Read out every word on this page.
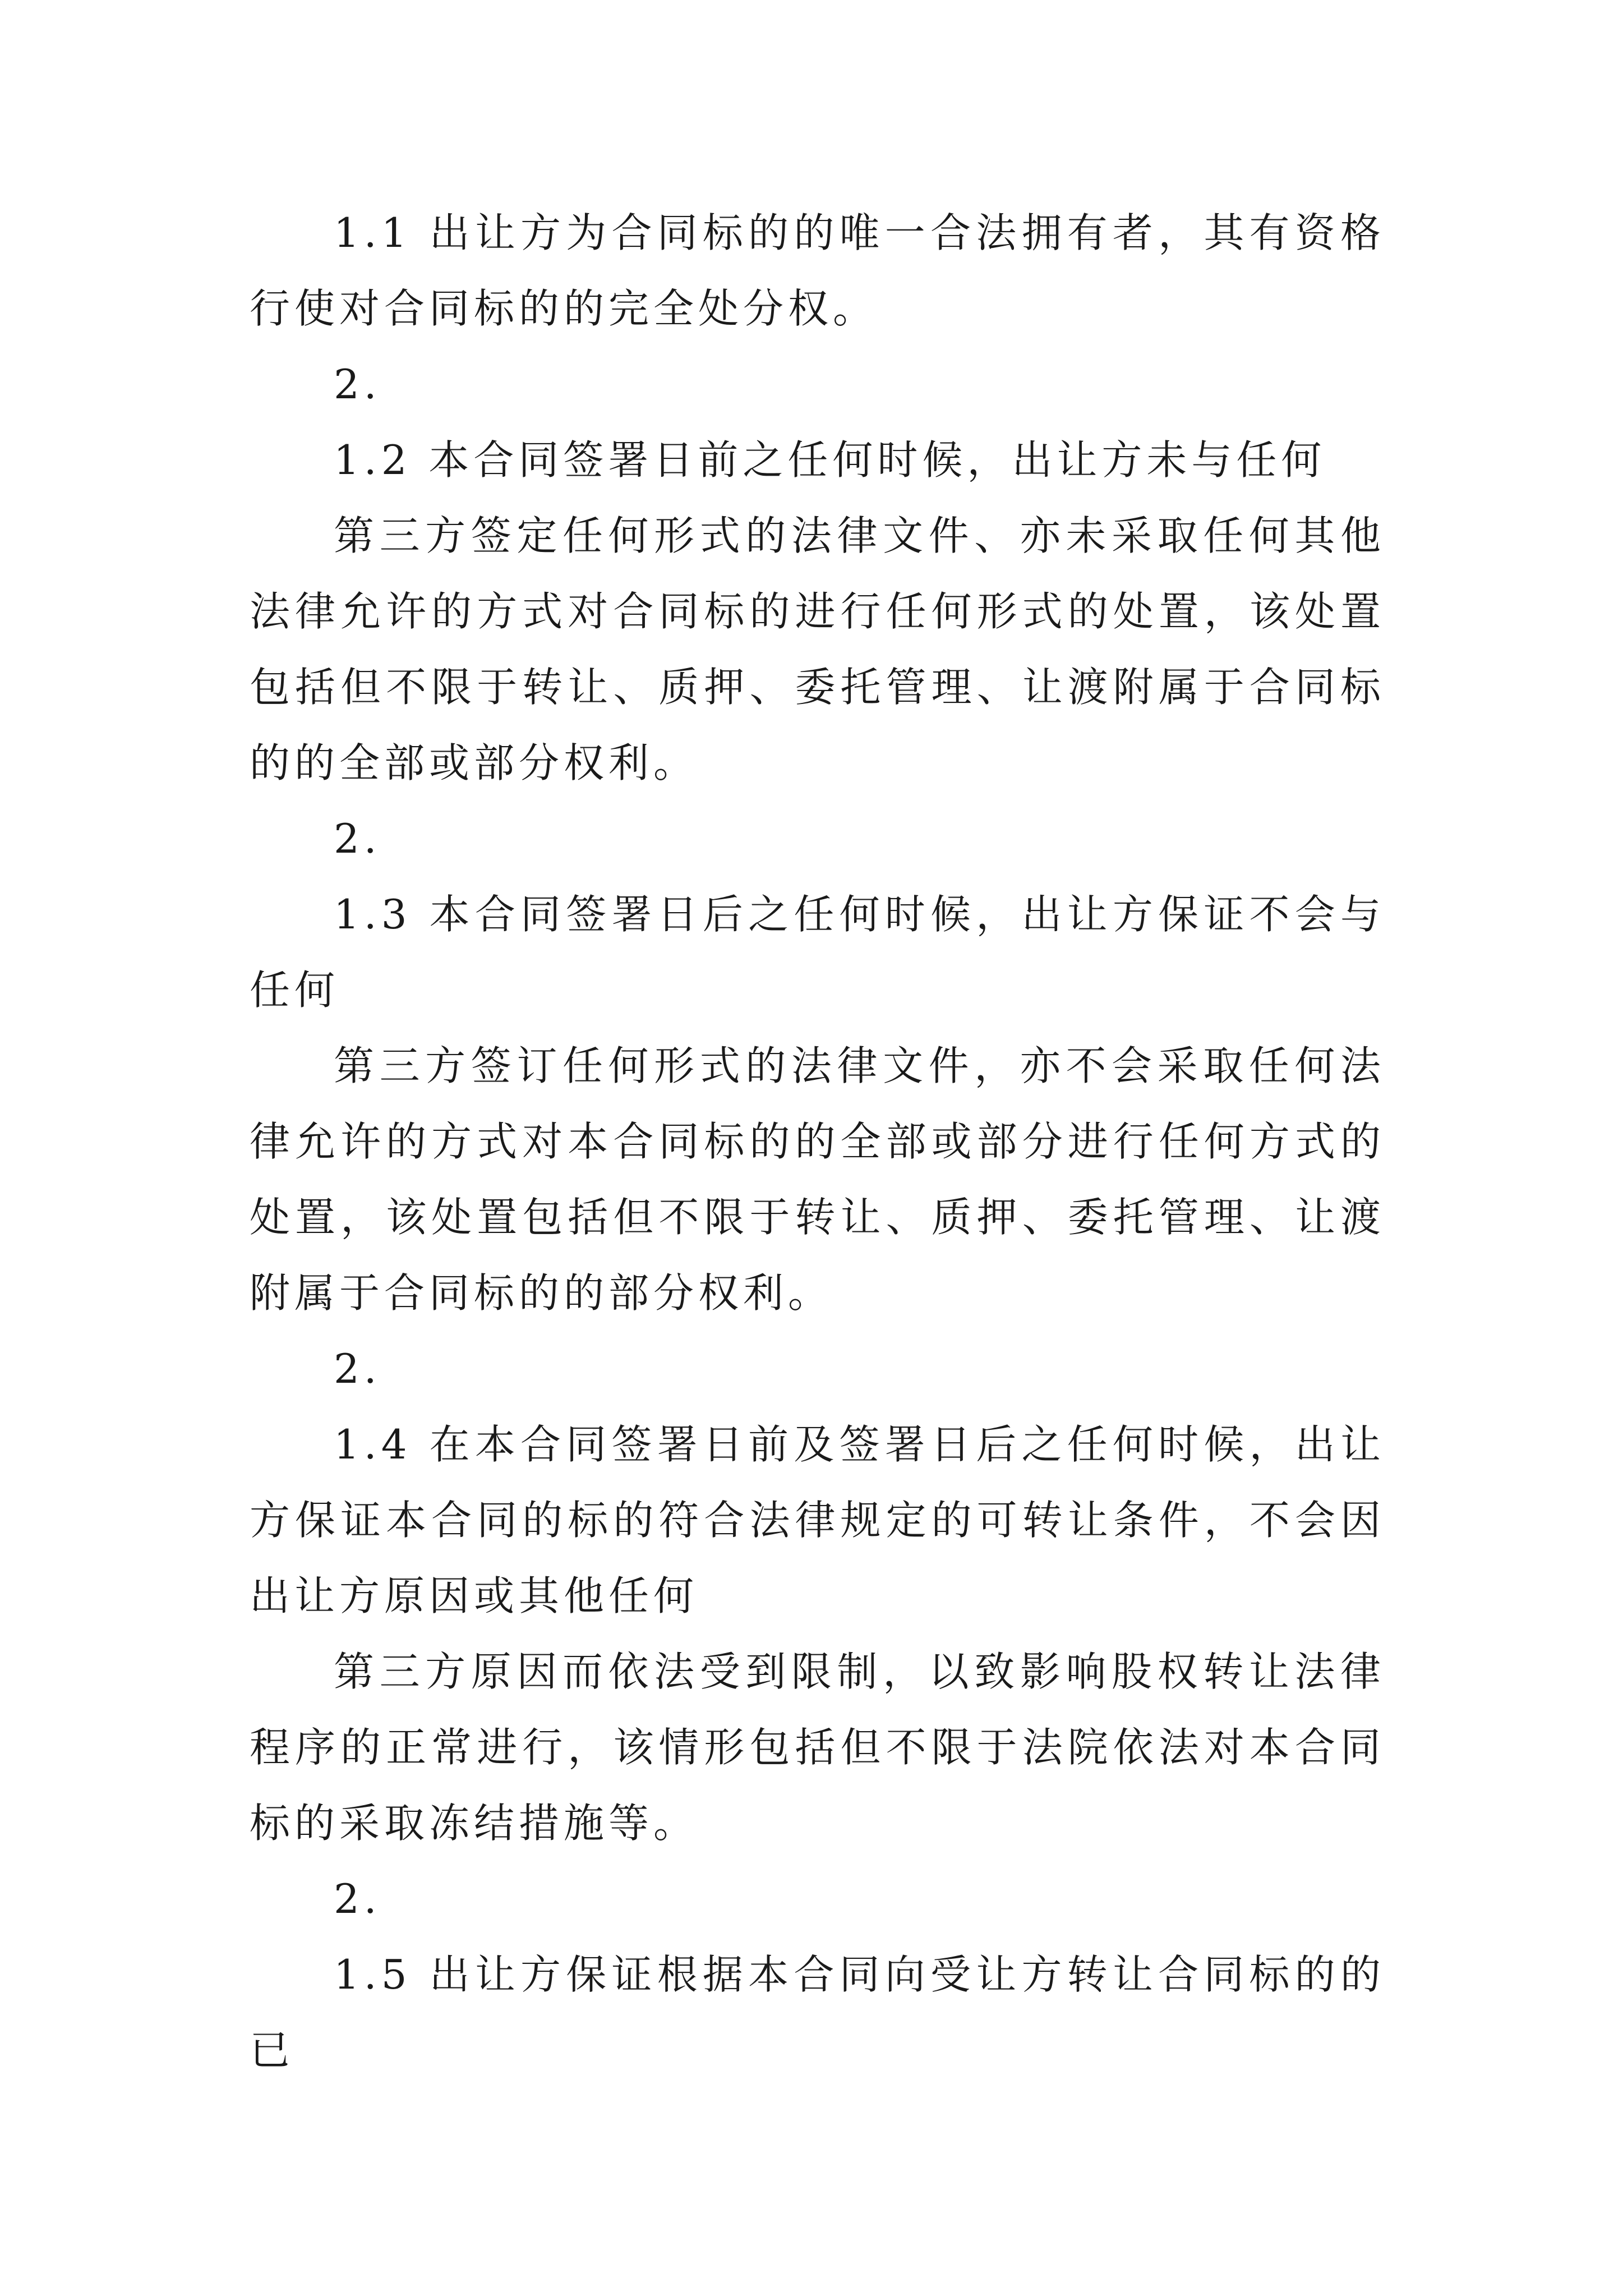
1.1 出让方为合同标的的唯一合法拥有者，其有资格行使对合同标的的完全处分权。

2.

1.2 本合同签署日前之任何时候，出让方未与任何

第三方签定任何形式的法律文件、亦未采取任何其他法律允许的方式对合同标的进行任何形式的处置，该处置包括但不限于转让、质押、委托管理、让渡附属于合同标的的全部或部分权利。

2.

1.3 本合同签署日后之任何时候，出让方保证不会与任何

第三方签订任何形式的法律文件，亦不会采取任何法律允许的方式对本合同标的的全部或部分进行任何方式的处置，该处置包括但不限于转让、质押、委托管理、让渡附属于合同标的的部分权利。

2.

1.4 在本合同签署日前及签署日后之任何时候，出让方保证本合同的标的符合法律规定的可转让条件，不会因出让方原因或其他任何

第三方原因而依法受到限制，以致影响股权转让法律程序的正常进行，该情形包括但不限于法院依法对本合同标的采取冻结措施等。

2.

1.5 出让方保证根据本合同向受让方转让合同标的的已
